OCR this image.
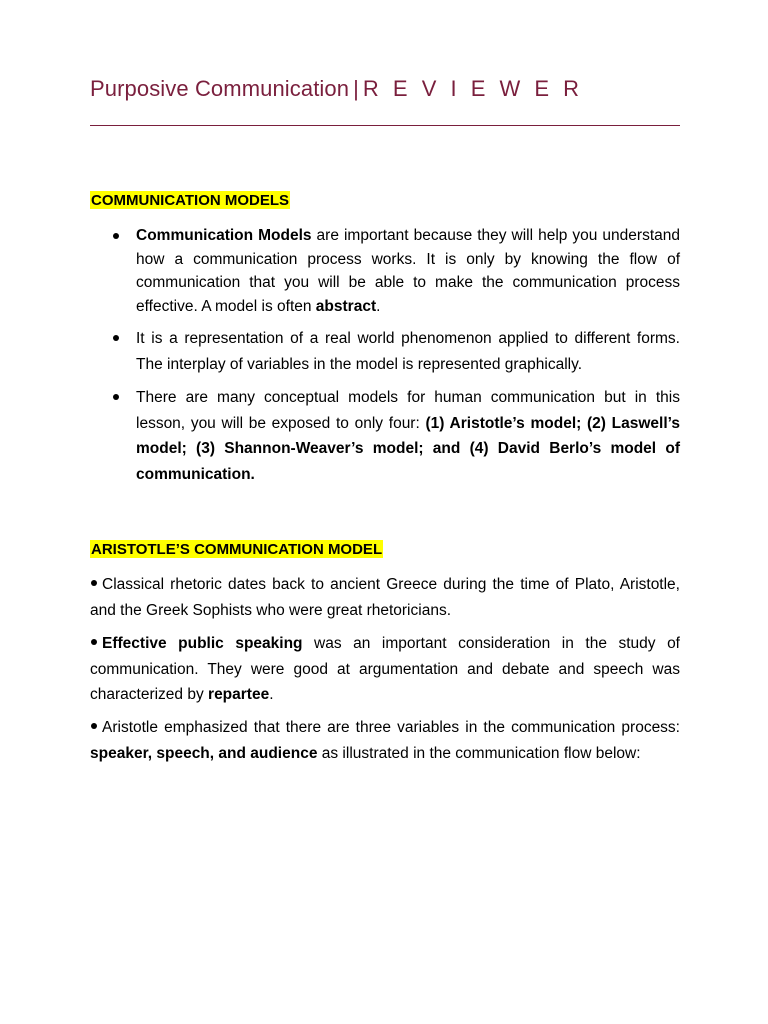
Purposive Communication | R E V I E W E R
COMMUNICATION MODELS
Communication Models are important because they will help you understand how a communication process works. It is only by knowing the flow of communication that you will be able to make the communication process effective. A model is often abstract.
It is a representation of a real world phenomenon applied to different forms. The interplay of variables in the model is represented graphically.
There are many conceptual models for human communication but in this lesson, you will be exposed to only four: (1) Aristotle’s model; (2) Laswell’s model; (3) Shannon-Weaver’s model; and (4) David Berlo’s model of communication.
ARISTOTLE’S COMMUNICATION MODEL

Classical rhetoric dates back to ancient Greece during the time of Plato, Aristotle, and the Greek Sophists who were great rhetoricians.

Effective public speaking was an important consideration in the study of communication. They were good at argumentation and debate and speech was characterized by repartee.

Aristotle emphasized that there are three variables in the communication process: speaker, speech, and audience as illustrated in the communication flow below:
